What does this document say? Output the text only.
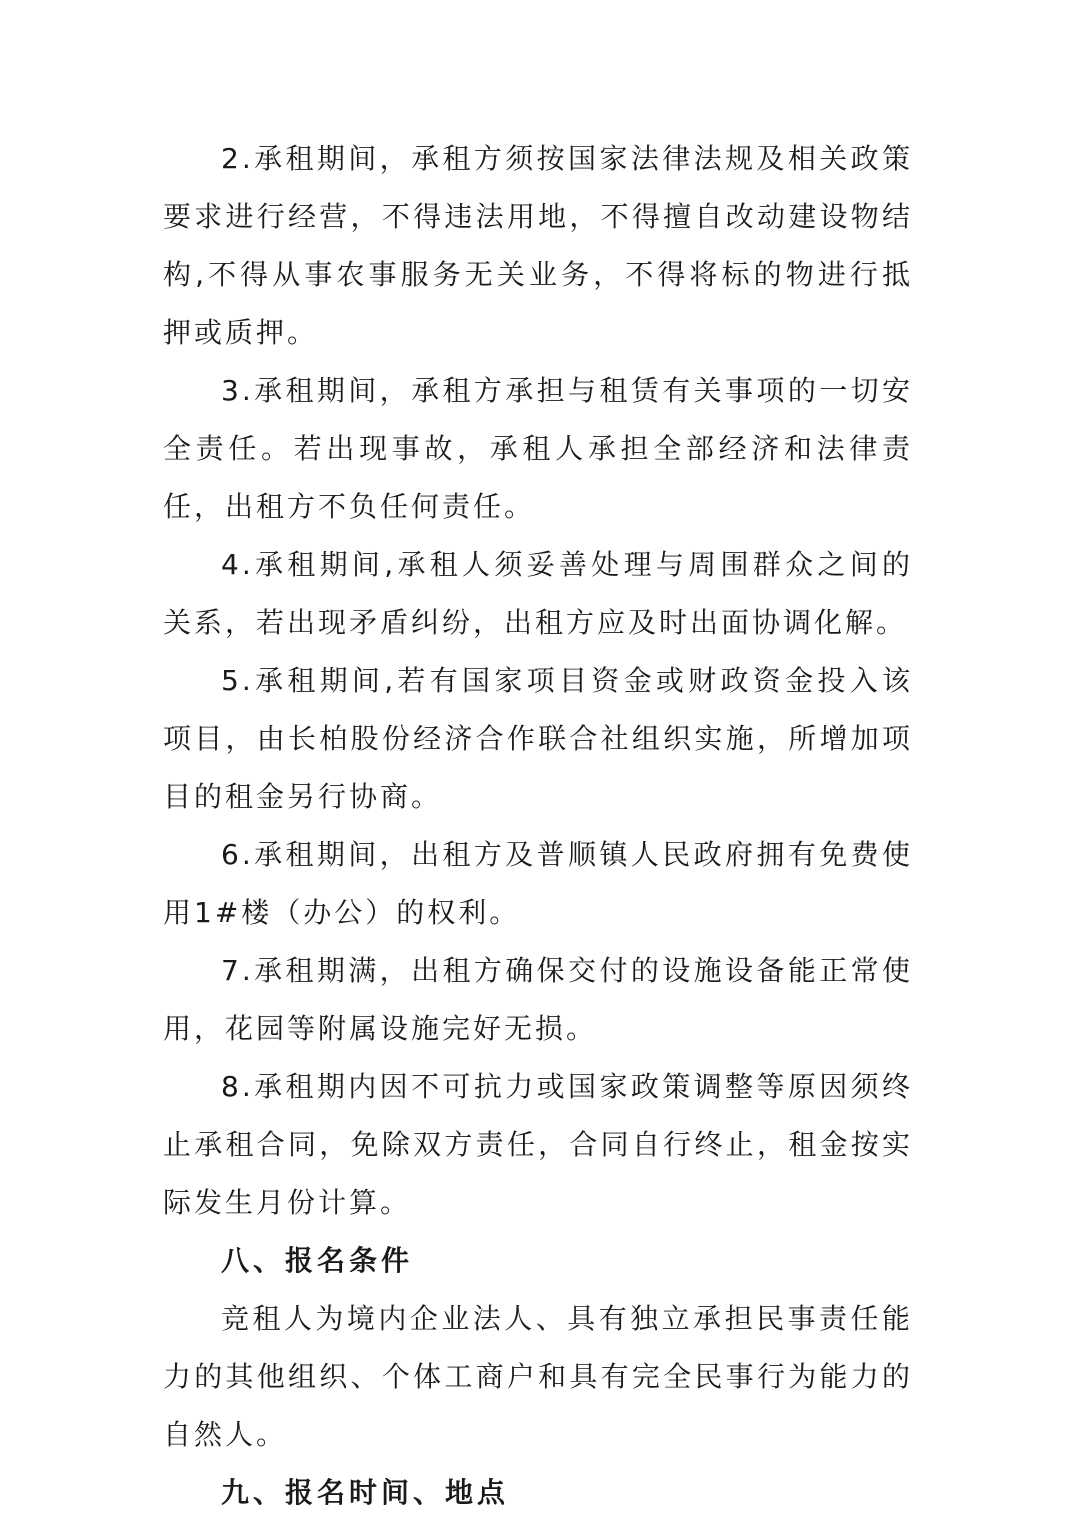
2.承租期间，承租方须按国家法律法规及相关政策要求进行经营，不得违法用地，不得擅自改动建设物结构,不得从事农事服务无关业务，不得将标的物进行抵押或质押。

3.承租期间，承租方承担与租赁有关事项的一切安全责任。若出现事故，承租人承担全部经济和法律责任，出租方不负任何责任。

4.承租期间,承租人须妥善处理与周围群众之间的关系，若出现矛盾纠纷，出租方应及时出面协调化解。

5.承租期间,若有国家项目资金或财政资金投入该项目，由长柏股份经济合作联合社组织实施，所增加项目的租金另行协商。

6.承租期间，出租方及普顺镇人民政府拥有免费使用1#楼（办公）的权利。

7.承租期满，出租方确保交付的设施设备能正常使用，花园等附属设施完好无损。

8.承租期内因不可抗力或国家政策调整等原因须终止承租合同，免除双方责任，合同自行终止，租金按实际发生月份计算。

八、报名条件

竞租人为境内企业法人、具有独立承担民事责任能力的其他组织、个体工商户和具有完全民事行为能力的自然人。

九、报名时间、地点
